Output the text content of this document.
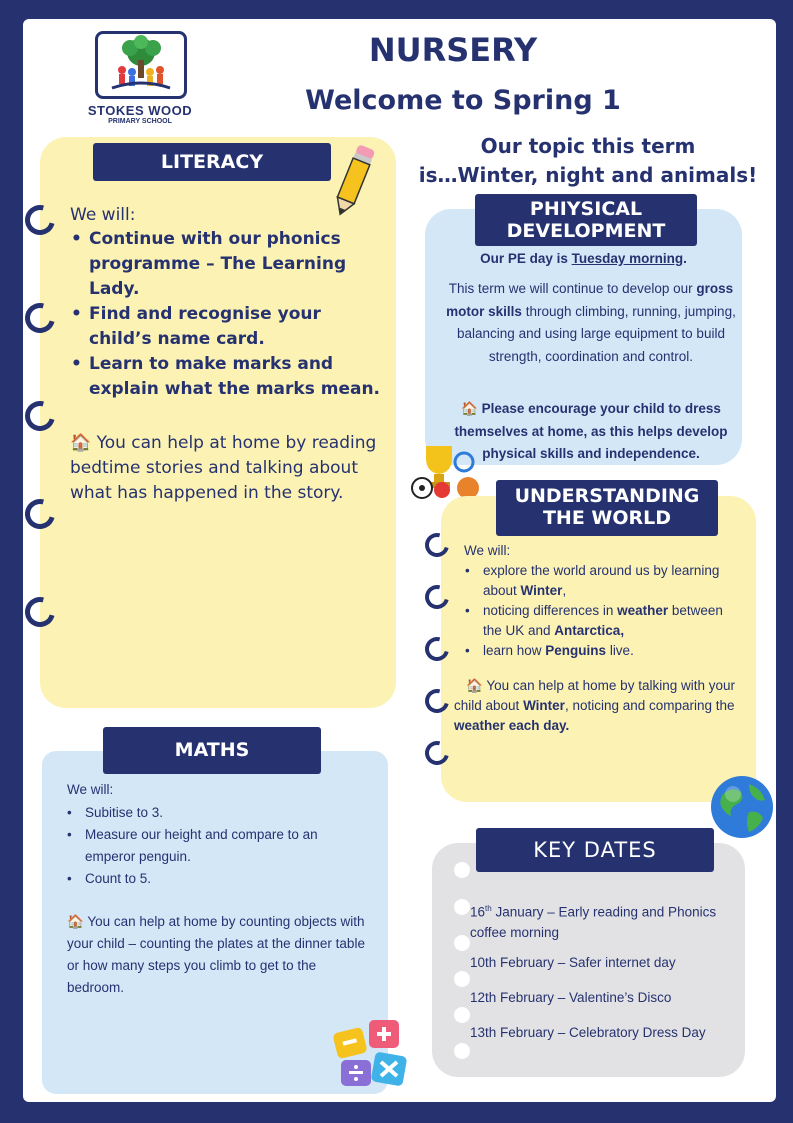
STOKES WOOD
PRIMARY SCHOOL
NURSERY
Welcome to Spring 1
Our topic this term
is…Winter, night and animals!
LITERACY
We will:
• Continue with our phonics programme – The Learning Lady.
• Find and recognise your child’s name card.
• Learn to make marks and explain what the marks mean.
🏠 You can help at home by reading bedtime stories and talking about what has happened in the story.
PHIYSICAL
DEVELOPMENT
Our PE day is Tuesday morning.
This term we will continue to develop our gross motor skills through climbing, running, jumping, balancing and using large equipment to build strength, coordination and control.
🏠 Please encourage your child to dress themselves at home, as this helps develop physical skills and independence.
UNDERSTANDING
THE WORLD
We will:
• explore the world around us by learning about Winter,
• noticing differences in weather between the UK and Antarctica,
• learn how Penguins live.
🏠 You can help at home by talking with your child about Winter, noticing and comparing the weather each day.
MATHS
We will:
• Subitise to 3.
• Measure our height and compare to an emperor penguin.
• Count to 5.
🏠 You can help at home by counting objects with your child – counting the plates at the dinner table or how many steps you climb to get to the bedroom.
KEY DATES
16th January – Early reading and Phonics coffee morning
10th February – Safer internet day
12th February – Valentine’s Disco
13th February – Celebratory Dress Day
